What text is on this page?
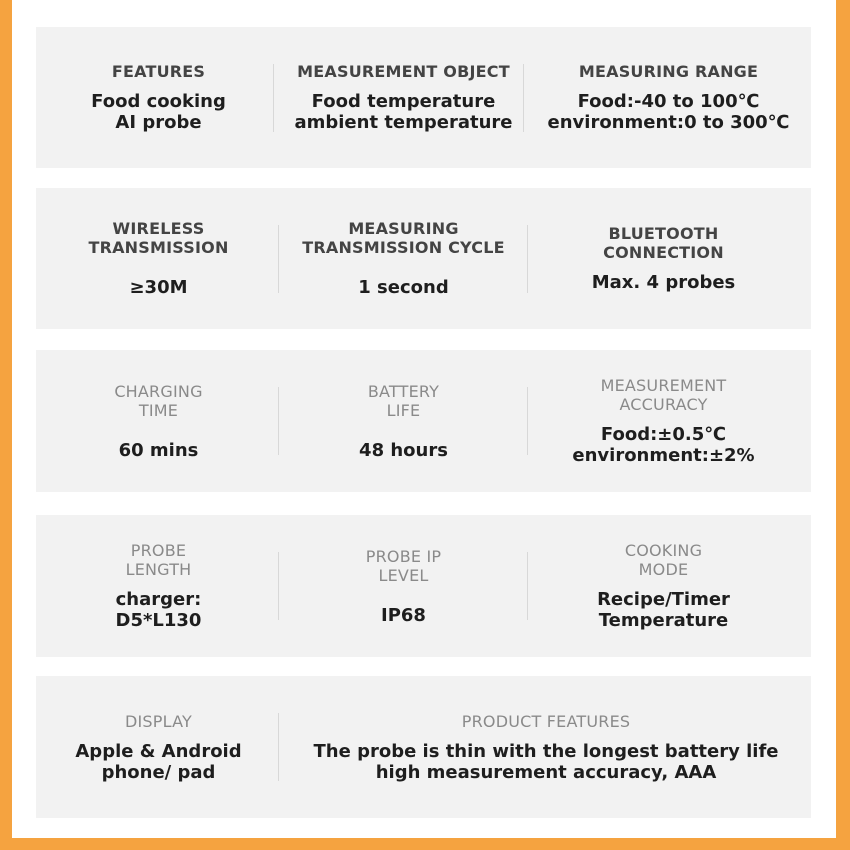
FEATURES
Food cooking
AI probe
MEASUREMENT OBJECT
Food temperature
ambient temperature
MEASURING RANGE
Food:-40 to 100℃
environment:0 to 300℃
WIRELESS
TRANSMISSION
≥30M
MEASURING
TRANSMISSION CYCLE
1 second
BLUETOOTH
CONNECTION
Max. 4 probes
CHARGING
TIME
60 mins
BATTERY
LIFE
48 hours
MEASUREMENT
ACCURACY
Food:±0.5℃
environment:±2%
PROBE
LENGTH
charger:
D5*L130
PROBE IP
LEVEL
IP68
COOKING
MODE
Recipe/Timer
Temperature
DISPLAY
Apple & Android
phone/ pad
PRODUCT FEATURES
The probe is thin with the longest battery life
high measurement accuracy, AAA
